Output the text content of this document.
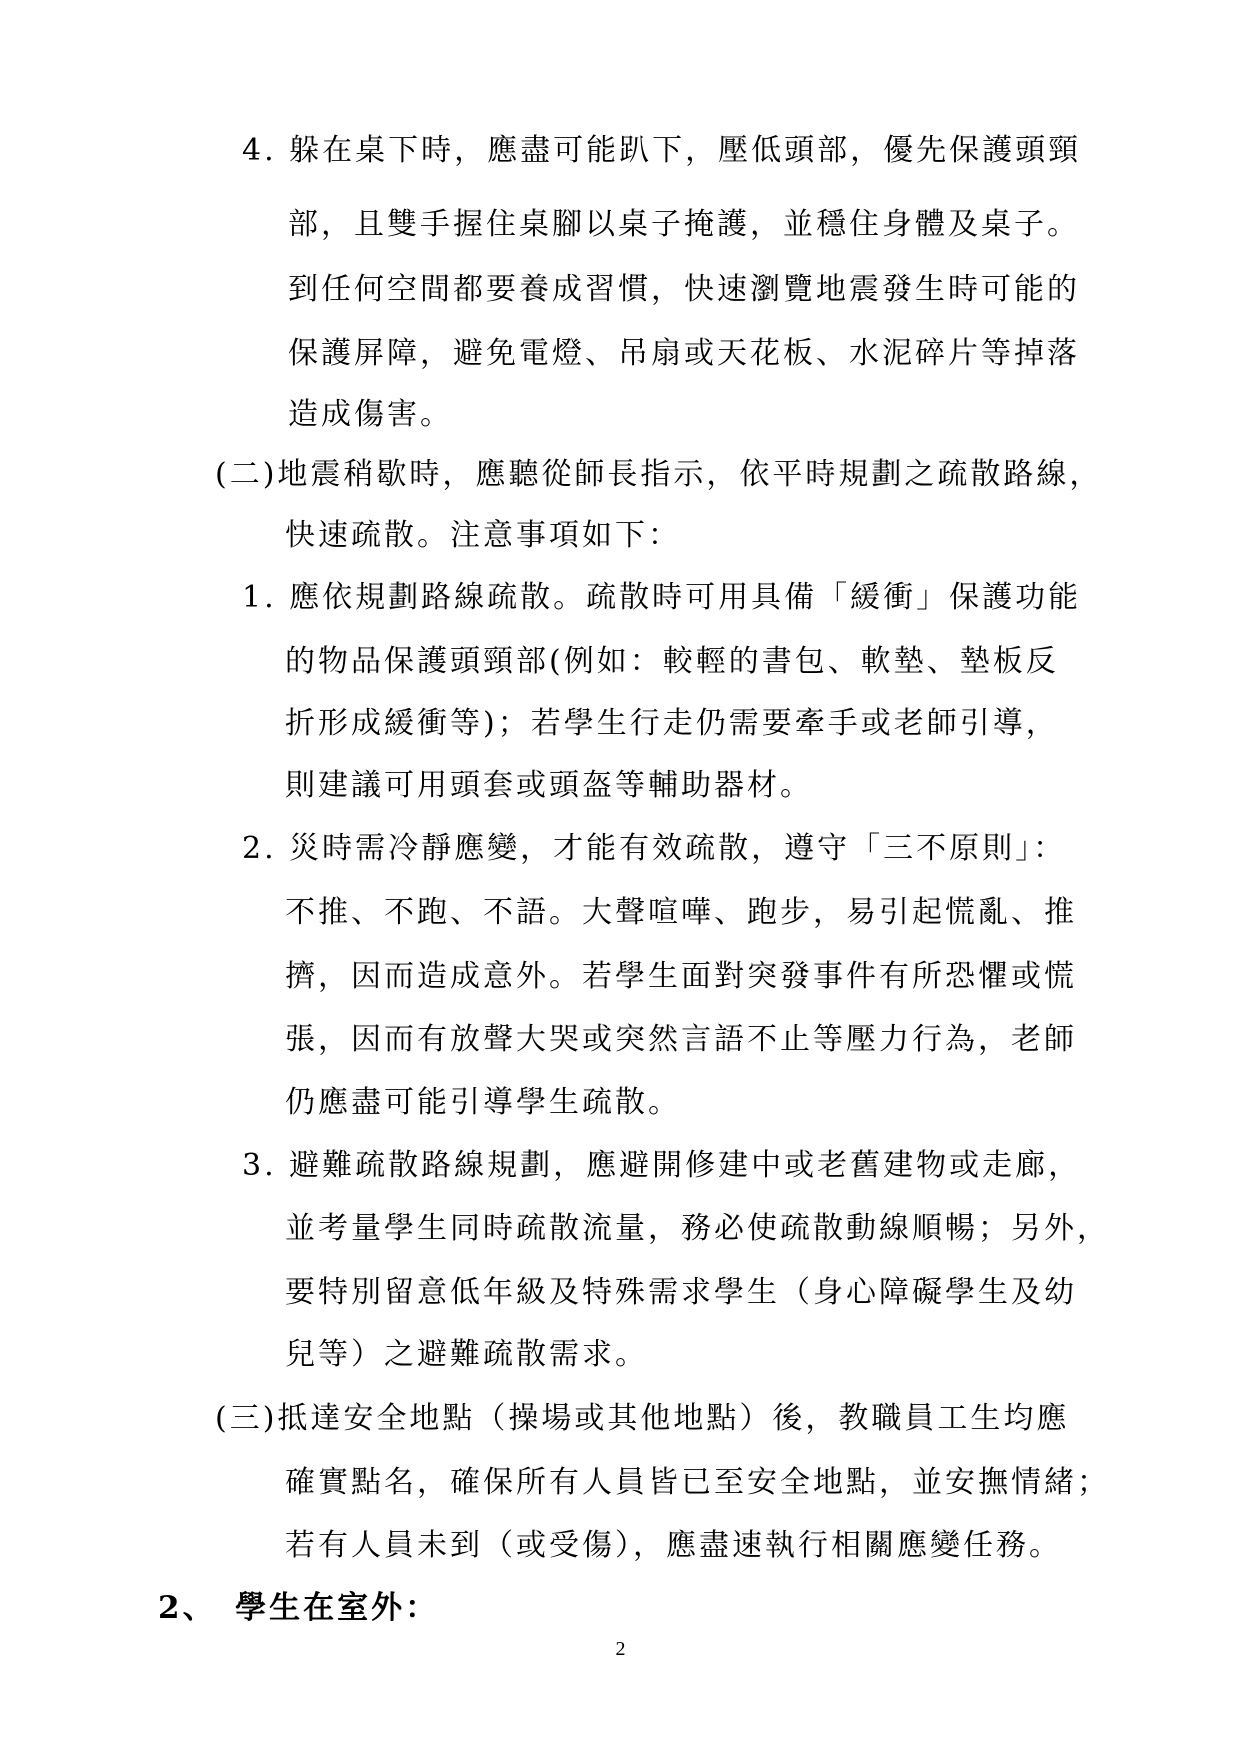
4. 躲在桌下時，應盡可能趴下，壓低頭部，優先保護頭頸
部，且雙手握住桌腳以桌子掩護，並穩住身體及桌子。
到任何空間都要養成習慣，快速瀏覽地震發生時可能的
保護屏障，避免電燈、吊扇或天花板、水泥碎片等掉落
造成傷害。
(二)地震稍歇時，應聽從師長指示，依平時規劃之疏散路線，
快速疏散。注意事項如下：
1. 應依規劃路線疏散。疏散時可用具備「緩衝」保護功能
的物品保護頭頸部(例如：較輕的書包、軟墊、墊板反
折形成緩衝等)；若學生行走仍需要牽手或老師引導，
則建議可用頭套或頭盔等輔助器材。
2. 災時需冷靜應變，才能有效疏散，遵守「三不原則」：
不推、不跑、不語。大聲喧嘩、跑步，易引起慌亂、推
擠，因而造成意外。若學生面對突發事件有所恐懼或慌
張，因而有放聲大哭或突然言語不止等壓力行為，老師
仍應盡可能引導學生疏散。
3. 避難疏散路線規劃，應避開修建中或老舊建物或走廊，
並考量學生同時疏散流量，務必使疏散動線順暢；另外，
要特別留意低年級及特殊需求學生（身心障礙學生及幼
兒等）之避難疏散需求。
(三)抵達安全地點（操場或其他地點）後，教職員工生均應
確實點名，確保所有人員皆已至安全地點，並安撫情緒；
若有人員未到（或受傷），應盡速執行相關應變任務。
2、　學生在室外：
2
